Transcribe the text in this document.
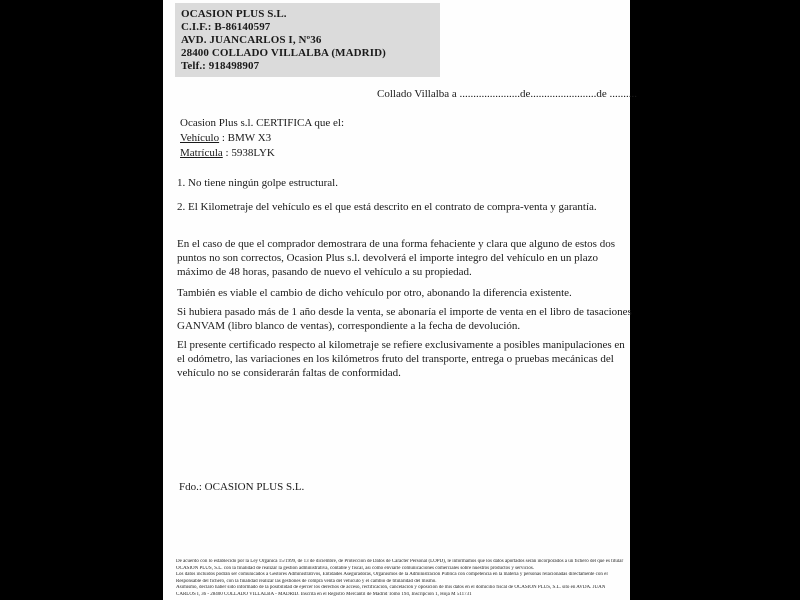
OCASION PLUS S.L.
C.I.F.: B-86140597
AVD. JUANCARLOS I, Nº36
28400 COLLADO VILLALBA (MADRID)
Telf.: 918498907
Collado Villalba a ......................de........................de ..........
Ocasion Plus s.l. CERTIFICA que el:
Vehículo : BMW X3
Matrícula : 5938LYK
1. No tiene ningún golpe estructural.
2. El Kilometraje del vehículo es el que está descrito en el contrato de compra-venta y garantía.
En el caso de que el comprador demostrara de una forma fehaciente y clara que alguno de estos dos puntos no son correctos, Ocasion Plus s.l. devolverá el importe integro del vehículo en un plazo máximo de 48 horas, pasando de nuevo el vehículo a su propiedad.
También es viable el cambio de dicho vehículo por otro, abonando la diferencia existente.
Si hubiera pasado más de 1 año desde la venta, se abonaría el importe de venta en el libro de tasaciones GANVAM (libro blanco de ventas), correspondiente a la fecha de devolución.
El presente certificado respecto al kilometraje se refiere exclusivamente a posibles manipulaciones en el odómetro, las variaciones en los kilómetros fruto del transporte, entrega o pruebas mecánicas del vehículo no se considerarán faltas de conformidad.
Fdo.: OCASION PLUS S.L.
De acuerdo con lo establecido por la Ley Orgánica 15/1999, de 13 de diciembre, de Protección de Datos de Carácter Personal (LOPD), le informamos que los datos aportados serán incorporados a un fichero del que es titular
OCASIÓN PLUS, S.L. con la finalidad de realizar la gestión administrativa, contable y fiscal, así como enviarle comunicaciones comerciales sobre nuestros productos y servicios.
Los datos incluidos podrán ser comunicados a Gestores Administrativos, Entidades Aseguradoras, Organismos de la Administración Pública con competencia en la materia y personas relacionadas directamente con el
Responsable del fichero, con la finalidad realizar las gestiones de compra venta del vehículo y el cambio de titularidad del mismo.
Asimismo, declaro haber sido informado de la posibilidad de ejercer los derechos de acceso, rectificación, cancelación y oposición de mis datos en el domicilio fiscal de OCASIÓN PLUS, S.L. sito en AVDA. JUAN
CARLOS I, 36 - 28400 COLLADO VILLALBA - MADRID. Inscrita en el Registro Mercantil de Madrid Tomo 194, Inscripción 1, Hoja M 511731
